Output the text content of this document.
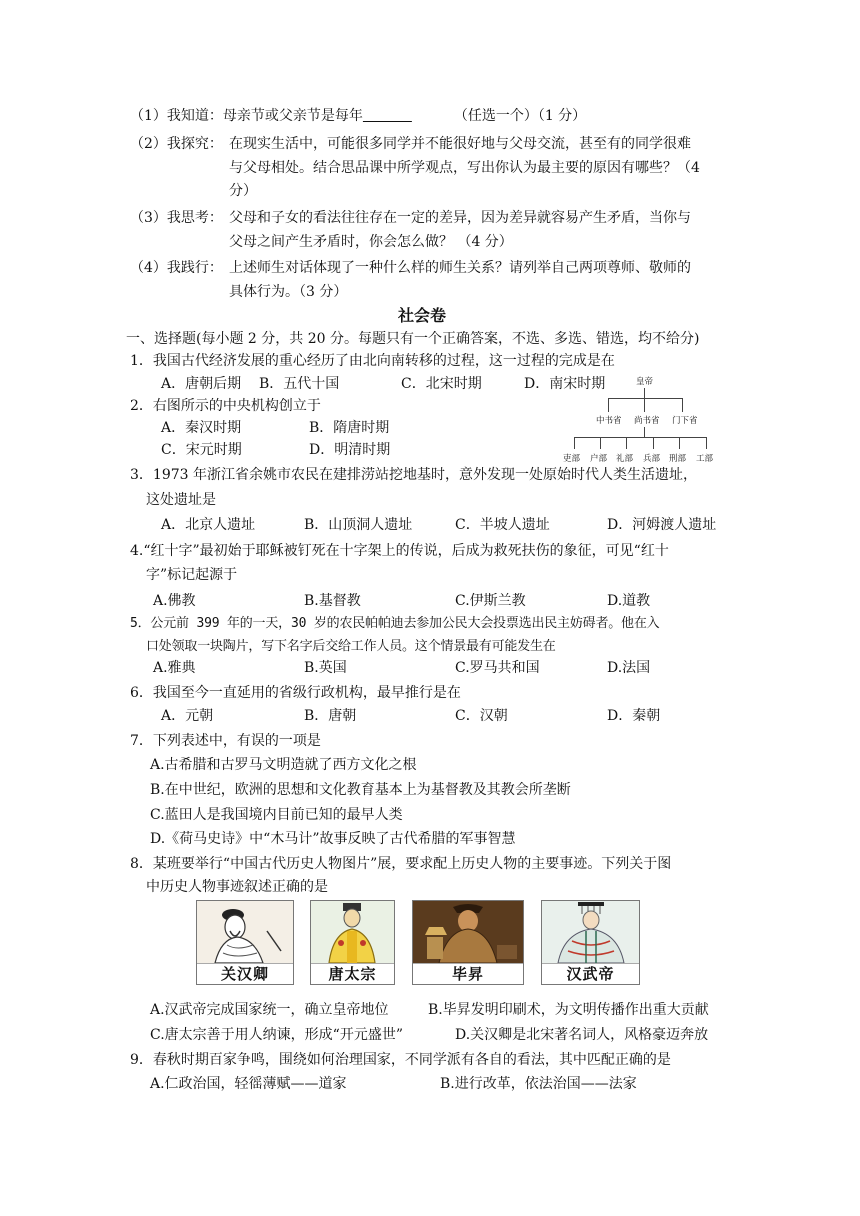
（1）我知道：母亲节或父亲节是每年	（任选一个）（1 分）
（2）我探究： 在现实生活中，可能很多同学并不能很好地与父母交流，甚至有的同学很难
与父母相处。结合思品课中所学观点，写出你认为最主要的原因有哪些？（4
分）
（3）我思考： 父母和子女的看法往往存在一定的差异，因为差异就容易产生矛盾，当你与
父母之间产生矛盾时，你会怎么做？ （4 分）
（4）我践行： 上述师生对话体现了一种什么样的师生关系？请列举自己两项尊师、敬师的
具体行为。（3 分）
社会卷
一、选择题(每小题 2 分，共 20 分。每题只有一个正确答案，不选、多选、错选，均不给分)
1．我国古代经济发展的重心经历了由北向南转移的过程，这一过程的完成是在
A．唐朝后期 B．五代十国	C．北宋时期	D．南宋时期
2．右图所示的中央机构创立于
A．秦汉时期	B．隋唐时期
C．宋元时期	D．明清时期
皇帝
中书省 尚书省 门下省
吏部 户部 礼部 兵部 刑部 工部
3．1973 年浙江省余姚市农民在建排涝站挖地基时，意外发现一处原始时代人类生活遗址，
这处遗址是
A．北京人遗址	B．山顶洞人遗址	C．半坡人遗址	D．河姆渡人遗址
4.“红十字”最初始于耶稣被钉死在十字架上的传说，后成为救死扶伤的象征，可见“红十
字”标记起源于
A.佛教	B.基督教	C.伊斯兰教	D.道教
5．公元前 399 年的一天，30 岁的农民帕帕迪去参加公民大会投票选出民主妨碍者。他在入
口处领取一块陶片，写下名字后交给工作人员。这个情景最有可能发生在
A.雅典	B.英国	C.罗马共和国	D.法国
6．我国至今一直延用的省级行政机构，最早推行是在
A．元朝	B．唐朝	C．汉朝	D．秦朝
7．下列表述中，有误的一项是
A.古希腊和古罗马文明造就了西方文化之根
B.在中世纪，欧洲的思想和文化教育基本上为基督教及其教会所垄断
C.蓝田人是我国境内目前已知的最早人类
D.《荷马史诗》中“木马计”故事反映了古代希腊的军事智慧
8．某班要举行“中国古代历史人物图片”展，要求配上历史人物的主要事迹。下列关于图
中历史人物事迹叙述正确的是
关汉卿	唐太宗	毕昇	汉武帝
A.汉武帝完成国家统一，确立皇帝地位	B.毕昇发明印刷术，为文明传播作出重大贡献
C.唐太宗善于用人纳谏，形成“开元盛世”	D.关汉卿是北宋著名词人，风格豪迈奔放
9．春秋时期百家争鸣，围绕如何治理国家，不同学派有各自的看法，其中匹配正确的是
A.仁政治国，轻徭薄赋——道家	B.进行改革，依法治国——法家
